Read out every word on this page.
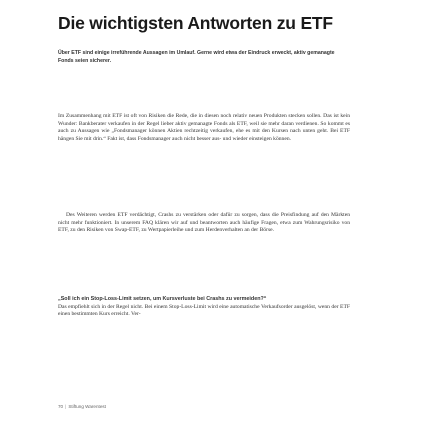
Die wichtigsten Antworten zu ETF

Über ETF sind einige irreführende Aussagen im Umlauf. Gerne wird etwa der Eindruck erweckt, aktiv gemanagte Fonds seien sicherer.

Im Zusammenhang mit ETF ist oft von Risiken die Rede, die in diesen noch relativ neuen Produkten stecken sollen. Das ist kein Wunder: Bankberater verkaufen in der Regel lieber aktiv gemanagte Fonds als ETF, weil sie mehr daran verdienen. So kommt es auch zu Aussagen wie „Fondsmanager können Aktien rechtzeitig verkaufen, ehe es mit den Kursen nach unten geht. Bei ETF hängen Sie mit drin.“ Fakt ist, dass Fondsmanager auch nicht besser aus- und wieder einsteigen können.

Des Weiteren werden ETF verdächtigt, Crashs zu verstärken oder dafür zu sorgen, dass die Preisfindung auf den Märkten nicht mehr funktioniert. In unserem FAQ klären wir auf und beantworten auch häufige Fragen, etwa zum Wahrungsrisiko von ETF, zu den Risiken von Swap-ETF, zu Wertpapierleihe und zum Herdenverhalten an der Börse.

„Soll ich ein Stop-Loss-Limit setzen, um Kursverluste bei Crashs zu vermeiden?“

Das empfiehlt sich in der Regel nicht. Bei einem Stop-Loss-Limit wird eine automatische Verkaufsorder ausgelöst, wenn der ETF einen bestimmten Kurs erreicht. Ver-

70 | Stiftung Warentest
